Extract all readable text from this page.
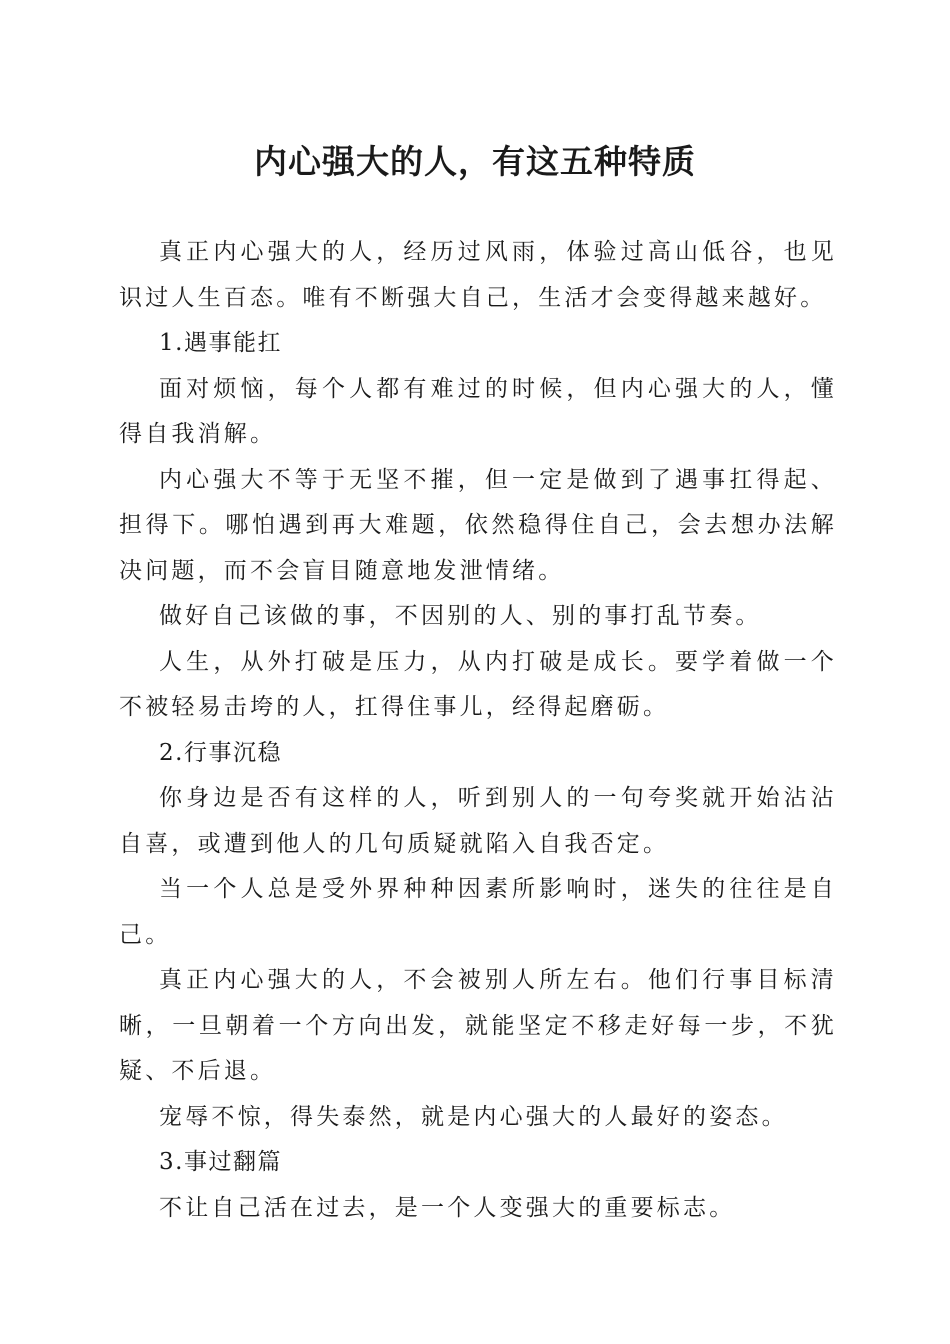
内心强大的人，有这五种特质

真正内心强大的人，经历过风雨，体验过高山低谷，也见识过人生百态。唯有不断强大自己，生活才会变得越来越好。

1.遇事能扛

面对烦恼，每个人都有难过的时候，但内心强大的人，懂得自我消解。

内心强大不等于无坚不摧，但一定是做到了遇事扛得起、担得下。哪怕遇到再大难题，依然稳得住自己，会去想办法解决问题，而不会盲目随意地发泄情绪。

做好自己该做的事，不因别的人、别的事打乱节奏。

人生，从外打破是压力，从内打破是成长。要学着做一个不被轻易击垮的人，扛得住事儿，经得起磨砺。

2.行事沉稳

你身边是否有这样的人，听到别人的一句夸奖就开始沾沾自喜，或遭到他人的几句质疑就陷入自我否定。

当一个人总是受外界种种因素所影响时，迷失的往往是自己。

真正内心强大的人，不会被别人所左右。他们行事目标清晰，一旦朝着一个方向出发，就能坚定不移走好每一步，不犹疑、不后退。

宠辱不惊，得失泰然，就是内心强大的人最好的姿态。

3.事过翻篇

不让自己活在过去，是一个人变强大的重要标志。
